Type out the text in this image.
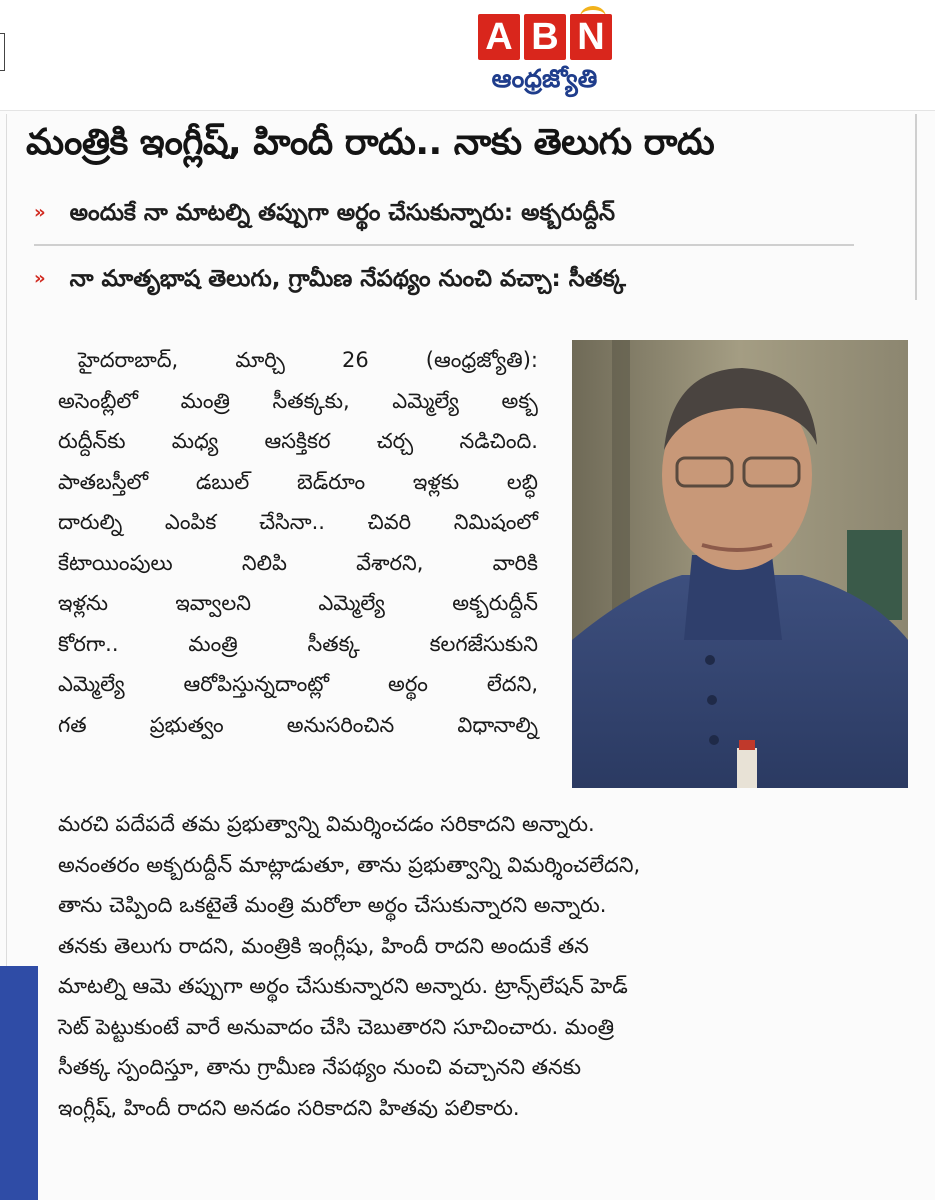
A B N
ఆంధ్రజ్యోతి
మంత్రికి ఇంగ్లీష్‌, హిందీ రాదు.. నాకు తెలుగు రాదు
» అందుకే నా మాటల్ని తప్పుగా అర్థం చేసుకున్నారు: అక్బరుద్దీన్‌
» నా మాతృభాష తెలుగు, గ్రామీణ నేపథ్యం నుంచి వచ్చా: సీతక్క
హైదరాబాద్‌, మార్చి 26 (ఆంధ్రజ్యోతి):
అసెంబ్లీలో మంత్రి సీతక్కకు, ఎమ్మెల్యే అక్బ
రుద్దీన్‌కు మధ్య ఆసక్తికర చర్చ నడిచింది.
పాతబస్తీలో డబుల్‌ బెడ్‌రూం ఇళ్లకు లబ్ధి
దారుల్ని ఎంపిక చేసినా.. చివరి నిమిషంలో
కేటాయింపులు నిలిపి వేశారని, వారికి
ఇళ్లను ఇవ్వాలని ఎమ్మెల్యే అక్బరుద్దీన్‌
కోరగా.. మంత్రి సీతక్క కలగజేసుకుని
ఎమ్మెల్యే ఆరోపిస్తున్నదాంట్లో అర్థం లేదని,
గత ప్రభుత్వం అనుసరించిన విధానాల్ని
మరచి పదేపదే తమ ప్రభుత్వాన్ని విమర్శించడం సరికాదని అన్నారు.
అనంతరం అక్బరుద్దీన్‌ మాట్లాడుతూ, తాను ప్రభుత్వాన్ని విమర్శించలేదని,
తాను చెప్పింది ఒకటైతే మంత్రి మరోలా అర్థం చేసుకున్నారని అన్నారు.
తనకు తెలుగు రాదని, మంత్రికి ఇంగ్లీషు, హిందీ రాదని అందుకే తన
మాటల్ని ఆమె తప్పుగా అర్థం చేసుకున్నారని అన్నారు. ట్రాన్స్‌లేషన్‌ హెడ్‌
సెట్‌ పెట్టుకుంటే వారే అనువాదం చేసి చెబుతారని సూచించారు. మంత్రి
సీతక్క స్పందిస్తూ, తాను గ్రామీణ నేపథ్యం నుంచి వచ్చానని తనకు
ఇంగ్లీష్‌, హిందీ రాదని అనడం సరికాదని హితవు పలికారు.
